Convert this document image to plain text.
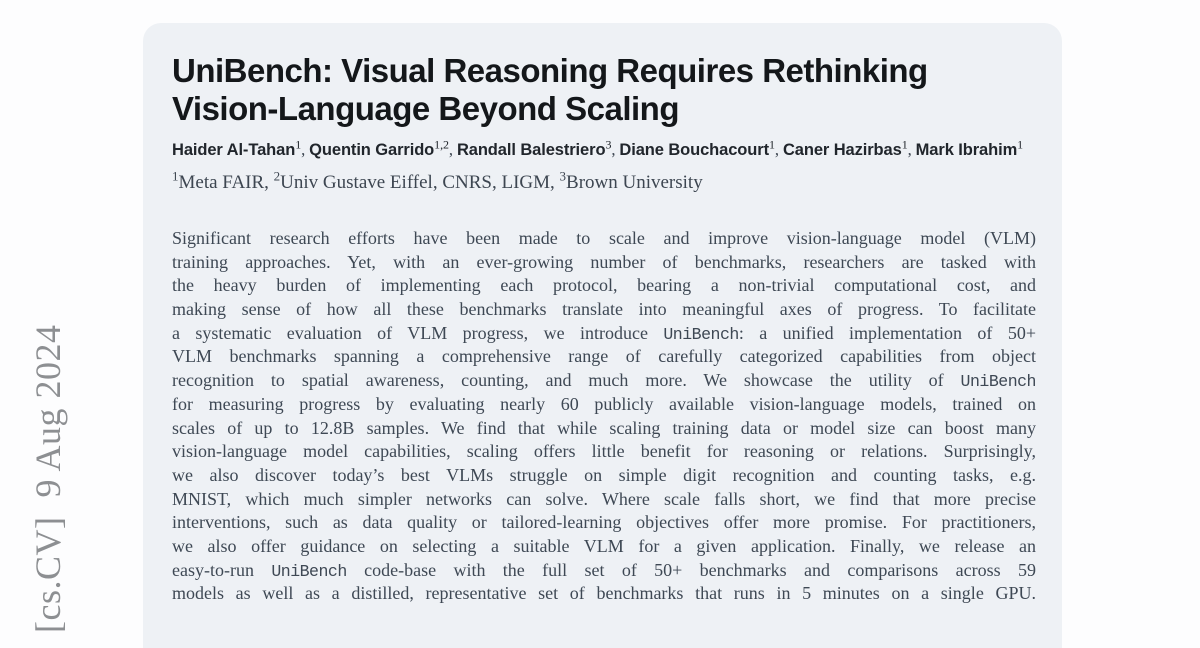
[cs.CV]  9 Aug 2024
UniBench: Visual Reasoning Requires Rethinking
Vision-Language Beyond Scaling
Haider Al-Tahan$^1$, Quentin Garrido$^{1,2}$, Randall Balestriero$^3$, Diane Bouchacourt$^1$, Caner Hazirbas$^1$, Mark Ibrahim$^1$
$^1$Meta FAIR, $^2$Univ Gustave Eiffel, CNRS, LIGM, $^3$Brown University
Significant research efforts have been made to scale and improve vision-language model (VLM)
training approaches. Yet, with an ever-growing number of benchmarks, researchers are tasked with
the heavy burden of implementing each protocol, bearing a non-trivial computational cost, and
making sense of how all these benchmarks translate into meaningful axes of progress. To facilitate
a systematic evaluation of VLM progress, we introduce UniBench: a unified implementation of 50+
VLM benchmarks spanning a comprehensive range of carefully categorized capabilities from object
recognition to spatial awareness, counting, and much more. We showcase the utility of UniBench
for measuring progress by evaluating nearly 60 publicly available vision-language models, trained on
scales of up to 12.8B samples. We find that while scaling training data or model size can boost many
vision-language model capabilities, scaling offers little benefit for reasoning or relations. Surprisingly,
we also discover today’s best VLMs struggle on simple digit recognition and counting tasks, e.g.
MNIST, which much simpler networks can solve. Where scale falls short, we find that more precise
interventions, such as data quality or tailored-learning objectives offer more promise. For practitioners,
we also offer guidance on selecting a suitable VLM for a given application. Finally, we release an
easy-to-run UniBench code-base with the full set of 50+ benchmarks and comparisons across 59
models as well as a distilled, representative set of benchmarks that runs in 5 minutes on a single GPU.
